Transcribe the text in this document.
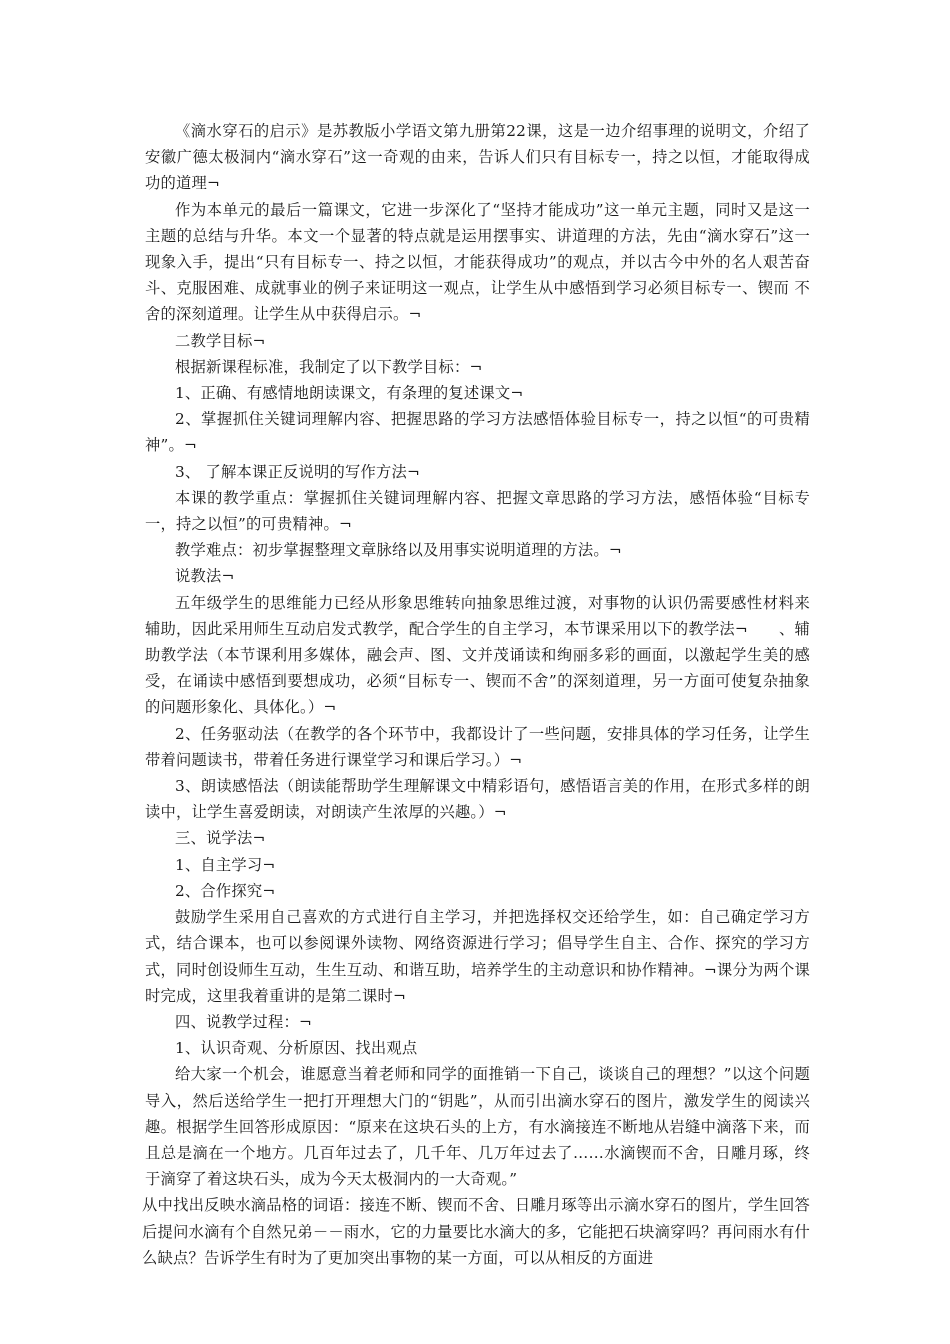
《滴水穿石的启示》是苏教版小学语文第九册第22课，这是一边介绍事理的说明文，介绍了安徽广德太极洞内“滴水穿石”这一奇观的由来，告诉人们只有目标专一，持之以恒，才能取得成功的道理¬

作为本单元的最后一篇课文，它进一步深化了“坚持才能成功”这一单元主题，同时又是这一主题的总结与升华。本文一个显著的特点就是运用摆事实、讲道理的方法，先由“滴水穿石”这一现象入手，提出“只有目标专一、持之以恒，才能获得成功”的观点，并以古今中外的名人艰苦奋斗、克服困难、成就事业的例子来证明这一观点，让学生从中感悟到学习必须目标专一、锲而 不舍的深刻道理。让学生从中获得启示。¬

二教学目标¬

根据新课程标准，我制定了以下教学目标：¬

1、正确、有感情地朗读课文，有条理的复述课文¬

2、掌握抓住关键词理解内容、把握思路的学习方法感悟体验目标专一，持之以恒“的可贵精神”。¬

3、 了解本课正反说明的写作方法¬

本课的教学重点：掌握抓住关键词理解内容、把握文章思路的学习方法，感悟体验“目标专一，持之以恒”的可贵精神。¬

教学难点：初步掌握整理文章脉络以及用事实说明道理的方法。¬

说教法¬

五年级学生的思维能力已经从形象思维转向抽象思维过渡，对事物的认识仍需要感性材料来辅助，因此采用师生互动启发式教学，配合学生的自主学习，本节课采用以下的教学法¬　　、辅助教学法（本节课利用多媒体，融会声、图、文并茂诵读和绚丽多彩的画面，以激起学生美的感受，在诵读中感悟到要想成功，必须“目标专一、锲而不舍”的深刻道理，另一方面可使复杂抽象的问题形象化、具体化。）¬

2、任务驱动法（在教学的各个环节中，我都设计了一些问题，安排具体的学习任务，让学生带着问题读书，带着任务进行课堂学习和课后学习。）¬

3、朗读感悟法（朗读能帮助学生理解课文中精彩语句，感悟语言美的作用，在形式多样的朗读中，让学生喜爱朗读，对朗读产生浓厚的兴趣。）¬

三、说学法¬

1、自主学习¬

2、合作探究¬

鼓励学生采用自己喜欢的方式进行自主学习，并把选择权交还给学生，如：自己确定学习方式，结合课本，也可以参阅课外读物、网络资源进行学习；倡导学生自主、合作、探究的学习方式，同时创设师生互动，生生互动、和谐互助，培养学生的主动意识和协作精神。¬课分为两个课时完成，这里我着重讲的是第二课时¬

四、说教学过程：¬

1、认识奇观、分析原因、找出观点

给大家一个机会，谁愿意当着老师和同学的面推销一下自己，谈谈自己的理想？”以这个问题导入，然后送给学生一把打开理想大门的“钥匙”，从而引出滴水穿石的图片，激发学生的阅读兴趣。根据学生回答形成原因：“原来在这块石头的上方，有水滴接连不断地从岩缝中滴落下来，而且总是滴在一个地方。几百年过去了，几千年、几万年过去了……水滴锲而不舍，日雕月琢，终于滴穿了着这块石头，成为今天太极洞内的一大奇观。”

从中找出反映水滴品格的词语：接连不断、锲而不舍、日雕月琢等出示滴水穿石的图片，学生回答后提问水滴有个自然兄弟－－雨水，它的力量要比水滴大的多，它能把石块滴穿吗？再问雨水有什么缺点？告诉学生有时为了更加突出事物的某一方面，可以从相反的方面进
